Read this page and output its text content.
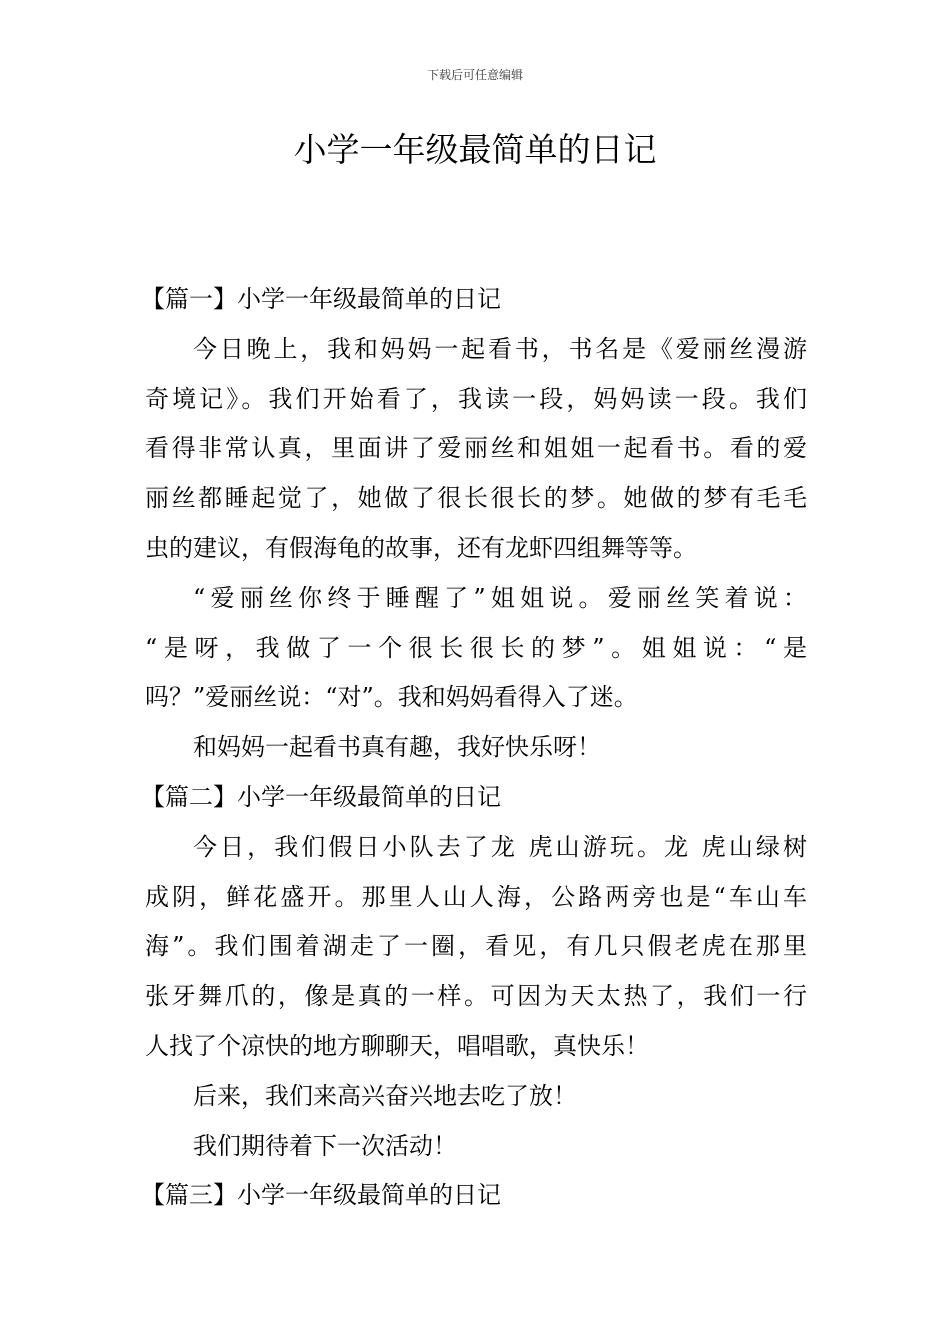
下载后可任意编辑
小学一年级最简单的日记
【篇一】小学一年级最简单的日记
今日晚上，我和妈妈一起看书，书名是《爱丽丝漫游
奇境记》。我们开始看了，我读一段，妈妈读一段。我们
看得非常认真，里面讲了爱丽丝和姐姐一起看书。看的爱
丽丝都睡起觉了，她做了很长很长的梦。她做的梦有毛毛
虫的建议，有假海龟的故事，还有龙虾四组舞等等。
“爱丽丝你终于睡醒了”姐姐说。爱丽丝笑着说：
“是呀，我做了一个很长很长的梦”。姐姐说：“是
吗？”爱丽丝说：“对”。我和妈妈看得入了迷。
和妈妈一起看书真有趣，我好快乐呀！
【篇二】小学一年级最简单的日记
今日，我们假日小队去了龙 虎山游玩。龙 虎山绿树
成阴，鲜花盛开。那里人山人海，公路两旁也是“车山车
海”。我们围着湖走了一圈，看见，有几只假老虎在那里
张牙舞爪的，像是真的一样。可因为天太热了，我们一行
人找了个凉快的地方聊聊天，唱唱歌，真快乐！
后来，我们来高兴奋兴地去吃了放！
我们期待着下一次活动！
【篇三】小学一年级最简单的日记
